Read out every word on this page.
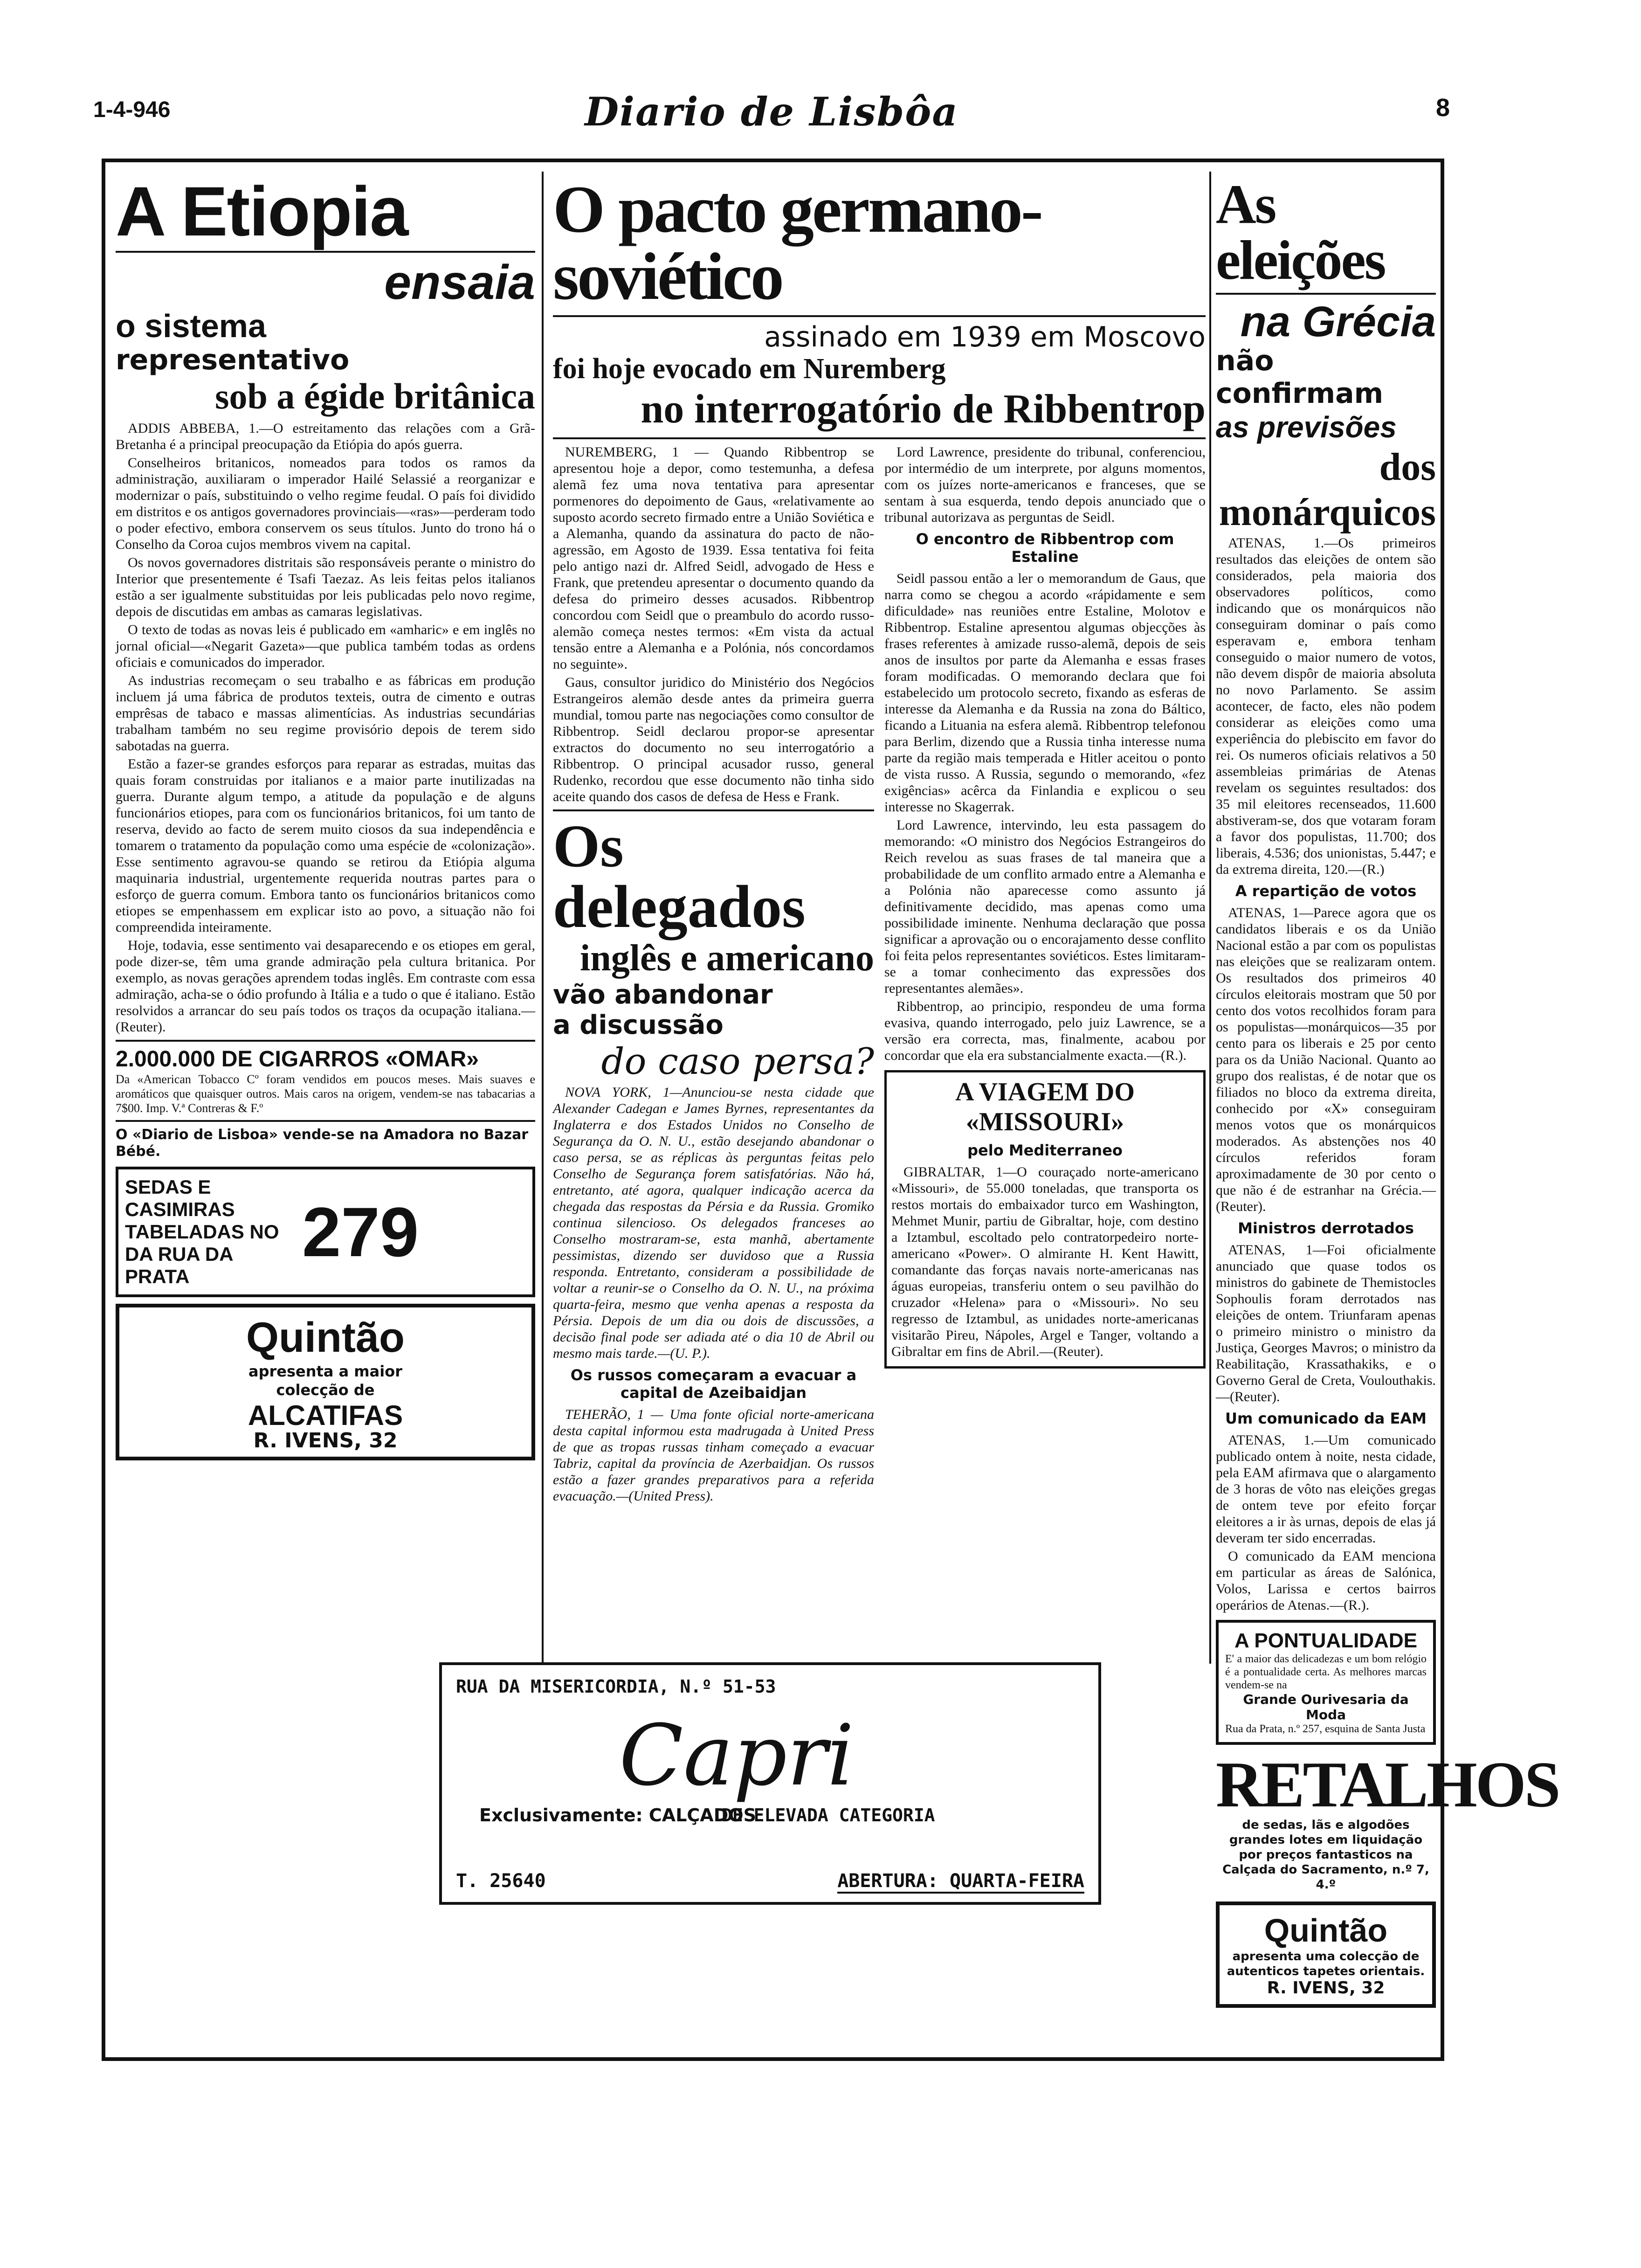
1-4-946	Diario de Lisbôa	8
A Etiopia
ensaia
o sistema
representativo
sob a égide britânica

ADDIS ABBEBA, 1.—O estreitamento das relações com a Grã-Bretanha é a principal preocupação da Etiópia do após guerra.

Conselheiros britanicos, nomeados para todos os ramos da administração, auxiliaram o imperador Hailé Selassié a reorganizar e modernizar o país, substituindo o velho regime feudal. O país foi dividido em distritos e os antigos governadores provinciais—«ras»—perderam todo o poder efectivo, embora conservem os seus títulos. Junto do trono há o Conselho da Coroa cujos membros vivem na capital.

Os novos governadores distritais são responsáveis perante o ministro do Interior que presentemente é Tsafi Taezaz. As leis feitas pelos italianos estão a ser igualmente substituidas por leis publicadas pelo novo regime, depois de discutidas em ambas as camaras legislativas.

O texto de todas as novas leis é publicado em «amharic» e em inglês no jornal oficial—«Negarit Gazeta»—que publica também todas as ordens oficiais e comunicados do imperador.

As industrias recomeçam o seu trabalho e as fábricas em produção incluem já uma fábrica de produtos texteis, outra de cimento e outras emprêsas de tabaco e massas alimentícias. As industrias secundárias trabalham também no seu regime provisório depois de terem sido sabotadas na guerra.

Estão a fazer-se grandes esforços para reparar as estradas, muitas das quais foram construidas por italianos e a maior parte inutilizadas na guerra. Durante algum tempo, a atitude da população e de alguns funcionários etiopes, para com os funcionários britanicos, foi um tanto de reserva, devido ao facto de serem muito ciosos da sua independência e tomarem o tratamento da população como uma espécie de «colonização». Esse sentimento agravou-se quando se retirou da Etiópia alguma maquinaria industrial, urgentemente requerida noutras partes para o esforço de guerra comum. Embora tanto os funcionários britanicos como etiopes se empenhassem em explicar isto ao povo, a situação não foi compreendida inteiramente.

Hoje, todavia, esse sentimento vai desaparecendo e os etiopes em geral, pode dizer-se, têm uma grande admiração pela cultura britanica. Por exemplo, as novas gerações aprendem todas inglês. Em contraste com essa admiração, acha-se o ódio profundo à Itália e a tudo o que é italiano. Estão resolvidos a arrancar do seu país todos os traços da ocupação italiana.—(Reuter).

2.000.000 DE CIGARROS «OMAR»
Da «American Tobacco Cº foram vendidos em poucos meses. Mais suaves e aromáticos que quaisquer outros. Mais caros na origem, vendem-se nas tabacarias a 7$00. Imp. V.ª Contreras & F.º
O «Diario de Lisboa» vende-se na Amadora no Bazar Bébé.
SEDAS E CASIMIRAS TABELADAS NO DA RUA DA PRATA
279
Quintão
apresenta a maior
colecção de
ALCATIFAS
R. IVENS, 32
O pacto germano-soviético
assinado em 1939 em Moscovo
foi hoje evocado em Nuremberg
no interrogatório de Ribbentrop

NUREMBERG, 1 — Quando Ribbentrop se apresentou hoje a depor, como testemunha, a defesa alemã fez uma nova tentativa para apresentar pormenores do depoimento de Gaus, «relativamente ao suposto acordo secreto firmado entre a União Soviética e a Alemanha, quando da assinatura do pacto de não-agressão, em Agosto de 1939. Essa tentativa foi feita pelo antigo nazi dr. Alfred Seidl, advogado de Hess e Frank, que pretendeu apresentar o documento quando da defesa do primeiro desses acusados. Ribbentrop concordou com Seidl que o preambulo do acordo russo-alemão começa nestes termos: «Em vista da actual tensão entre a Alemanha e a Polónia, nós concordamos no seguinte».

Gaus, consultor juridico do Ministério dos Negócios Estrangeiros alemão desde antes da primeira guerra mundial, tomou parte nas negociações como consultor de Ribbentrop. Seidl declarou propor-se apresentar extractos do documento no seu interrogatório a Ribbentrop. O principal acusador russo, general Rudenko, recordou que esse documento não tinha sido aceite quando dos casos de defesa de Hess e Frank.

Os delegados
inglês e americano
vão abandonar
a discussão
do caso persa?

NOVA YORK, 1—Anunciou-se nesta cidade que Alexander Cadegan e James Byrnes, representantes da Inglaterra e dos Estados Unidos no Conselho de Segurança da O. N. U., estão desejando abandonar o caso persa, se as réplicas às perguntas feitas pelo Conselho de Segurança forem satisfatórias. Não há, entretanto, até agora, qualquer indicação acerca da chegada das respostas da Pérsia e da Russia. Gromiko continua silencioso. Os delegados franceses ao Conselho mostraram-se, esta manhã, abertamente pessimistas, dizendo ser duvidoso que a Russia responda. Entretanto, consideram a possibilidade de voltar a reunir-se o Conselho da O. N. U., na próxima quarta-feira, mesmo que venha apenas a resposta da Pérsia. Depois de um dia ou dois de discussões, a decisão final pode ser adiada até o dia 10 de Abril ou mesmo mais tarde.—(U. P.).

Os russos começaram a evacuar a capital de Azeibaidjan

TEHERÃO, 1 — Uma fonte oficial norte-americana desta capital informou esta madrugada à United Press de que as tropas russas tinham começado a evacuar Tabriz, capital da província de Azerbaidjan. Os russos estão a fazer grandes preparativos para a referida evacuação.—(United Press).

Lord Lawrence, presidente do tribunal, conferenciou, por intermédio de um interprete, por alguns momentos, com os juízes norte-americanos e franceses, que se sentam à sua esquerda, tendo depois anunciado que o tribunal autorizava as perguntas de Seidl.

O encontro de Ribbentrop com Estaline

Seidl passou então a ler o memorandum de Gaus, que narra como se chegou a acordo «rápidamente e sem dificuldade» nas reuniões entre Estaline, Molotov e Ribbentrop. Estaline apresentou algumas objecções às frases referentes à amizade russo-alemã, depois de seis anos de insultos por parte da Alemanha e essas frases foram modificadas. O memorando declara que foi estabelecido um protocolo secreto, fixando as esferas de interesse da Alemanha e da Russia na zona do Báltico, ficando a Lituania na esfera alemã. Ribbentrop telefonou para Berlim, dizendo que a Russia tinha interesse numa parte da região mais temperada e Hitler aceitou o ponto de vista russo. A Russia, segundo o memorando, «fez exigências» acêrca da Finlandia e explicou o seu interesse no Skagerrak.

Lord Lawrence, intervindo, leu esta passagem do memorando: «O ministro dos Negócios Estrangeiros do Reich revelou as suas frases de tal maneira que a probabilidade de um conflito armado entre a Alemanha e a Polónia não aparecesse como assunto já definitivamente decidido, mas apenas como uma possibilidade iminente. Nenhuma declaração que possa significar a aprovação ou o encorajamento desse conflito foi feita pelos representantes soviéticos. Estes limitaram-se a tomar conhecimento das expressões dos representantes alemães».

Ribbentrop, ao principio, respondeu de uma forma evasiva, quando interrogado, pelo juiz Lawrence, se a versão era correcta, mas, finalmente, acabou por concordar que ela era substancialmente exacta.—(R.).

A VIAGEM DO «MISSOURI»
pelo Mediterraneo

GIBRALTAR, 1—O couraçado norte-americano «Missouri», de 55.000 toneladas, que transporta os restos mortais do embaixador turco em Washington, Mehmet Munir, partiu de Gibraltar, hoje, com destino a Iztambul, escoltado pelo contratorpedeiro norte-americano «Power». O almirante H. Kent Hawitt, comandante das forças navais norte-americanas nas águas europeias, transferiu ontem o seu pavilhão do cruzador «Helena» para o «Missouri». No seu regresso de Iztambul, as unidades norte-americanas visitarão Pireu, Nápoles, Argel e Tanger, voltando a Gibraltar em fins de Abril.—(Reuter).

As eleições
na Grécia
não confirmam
as previsões
dos monárquicos

ATENAS, 1.—Os primeiros resultados das eleições de ontem são considerados, pela maioria dos observadores políticos, como indicando que os monárquicos não conseguiram dominar o país como esperavam e, embora tenham conseguido o maior numero de votos, não devem dispôr de maioria absoluta no novo Parlamento. Se assim acontecer, de facto, eles não podem considerar as eleições como uma experiência do plebiscito em favor do rei. Os numeros oficiais relativos a 50 assembleias primárias de Atenas revelam os seguintes resultados: dos 35 mil eleitores recenseados, 11.600 abstiveram-se, dos que votaram foram a favor dos populistas, 11.700; dos liberais, 4.536; dos unionistas, 5.447; e da extrema direita, 120.—(R.)

A repartição de votos

ATENAS, 1—Parece agora que os candidatos liberais e os da União Nacional estão a par com os populistas nas eleições que se realizaram ontem. Os resultados dos primeiros 40 círculos eleitorais mostram que 50 por cento dos votos recolhidos foram para os populistas—monárquicos—35 por cento para os liberais e 25 por cento para os da União Nacional. Quanto ao grupo dos realistas, é de notar que os filiados no bloco da extrema direita, conhecido por «X» conseguiram menos votos que os monárquicos moderados. As abstenções nos 40 círculos referidos foram aproximadamente de 30 por cento o que não é de estranhar na Grécia.—(Reuter).

Ministros derrotados

ATENAS, 1—Foi oficialmente anunciado que quase todos os ministros do gabinete de Themistocles Sophoulis foram derrotados nas eleições de ontem. Triunfaram apenas o primeiro ministro o ministro da Justiça, Georges Mavros; o ministro da Reabilitação, Krassathakiks, e o Governo Geral de Creta, Voulouthakis.—(Reuter).

Um comunicado da EAM

ATENAS, 1.—Um comunicado publicado ontem à noite, nesta cidade, pela EAM afirmava que o alargamento de 3 horas de vôto nas eleições gregas de ontem teve por efeito forçar eleitores a ir às urnas, depois de elas já deveram ter sido encerradas.

O comunicado da EAM menciona em particular as áreas de Salónica, Volos, Larissa e certos bairros operários de Atenas.—(R.).

A PONTUALIDADE
E' a maior das delicadezas e um bom relógio é a pontualidade certa. As melhores marcas vendem-se na
Grande Ourivesaria da Moda
Rua da Prata, n.º 257, esquina de Santa Justa
RETALHOS
de sedas, lãs e algodões grandes lotes em liquidação por preços fantasticos na Calçada do Sacramento, n.º 7, 4.º
Quintão
apresenta uma colecção de autenticos tapetes orientais.
R. IVENS, 32
RUA DA MISERICORDIA, N.º 51-53
Capri
Exclusivamente: CALÇADOS
DE ELEVADA CATEGORIA
T. 25640	ABERTURA: QUARTA-FEIRA
